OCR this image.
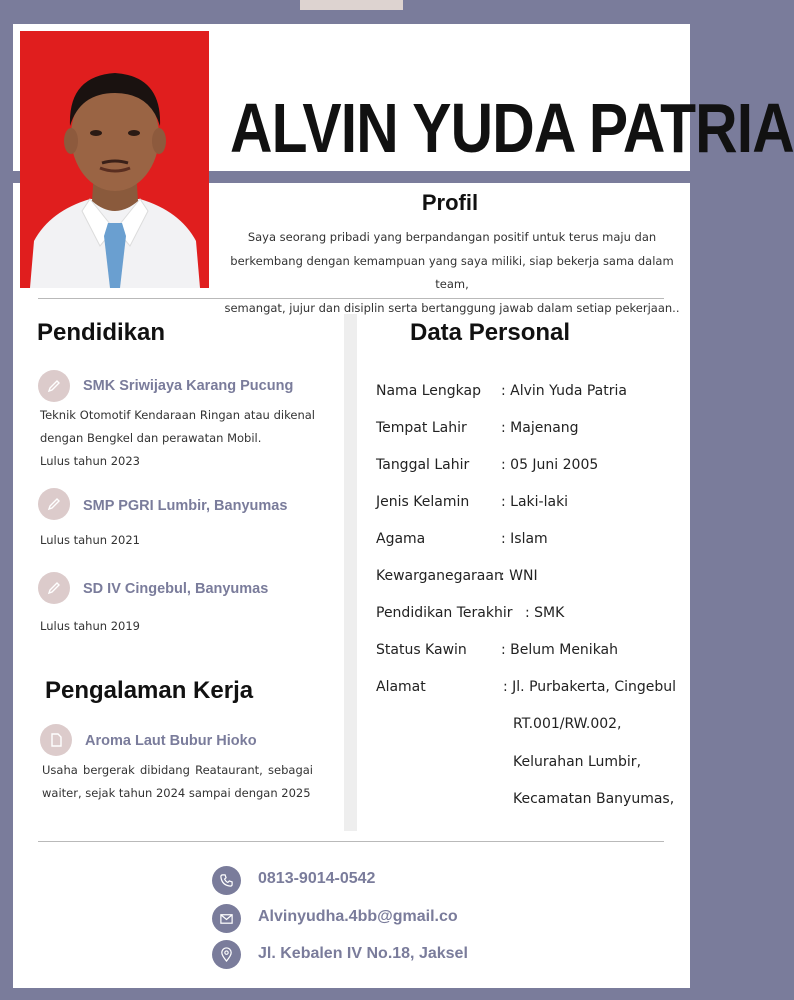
ALVIN YUDA PATRIA
Profil
Saya seorang pribadi yang berpandangan positif untuk terus maju dan
berkembang dengan kemampuan yang saya miliki, siap bekerja sama dalam team,
semangat, jujur dan disiplin serta bertanggung jawab dalam setiap pekerjaan..
Pendidikan
SMK Sriwijaya Karang Pucung
Teknik Otomotif Kendaraan Ringan atau dikenal dengan Bengkel dan perawatan Mobil.
Lulus tahun 2023
SMP PGRI Lumbir, Banyumas
Lulus tahun 2021
SD IV Cingebul, Banyumas
Lulus tahun 2019
Pengalaman Kerja
Aroma Laut Bubur Hioko
Usaha bergerak dibidang Reataurant, sebagai waiter, sejak tahun 2024 sampai dengan 2025
Data Personal
Nama Lengkap : Alvin Yuda Patria
Tempat Lahir : Majenang
Tanggal Lahir : 05 Juni 2005
Jenis Kelamin : Laki-laki
Agama	: Islam
Kewarganegaraan
: WNI
Pendidikan Terakhir : SMK
Status Kawin : Belum Menikah
Alamat	: Jl. Purbakerta, Cingebul
RT.001/RW.002,
Kelurahan Lumbir,
Kecamatan Banyumas,
0813-9014-0542
Alvinyudha.4bb@gmail.co
Jl. Kebalen IV No.18, Jaksel
